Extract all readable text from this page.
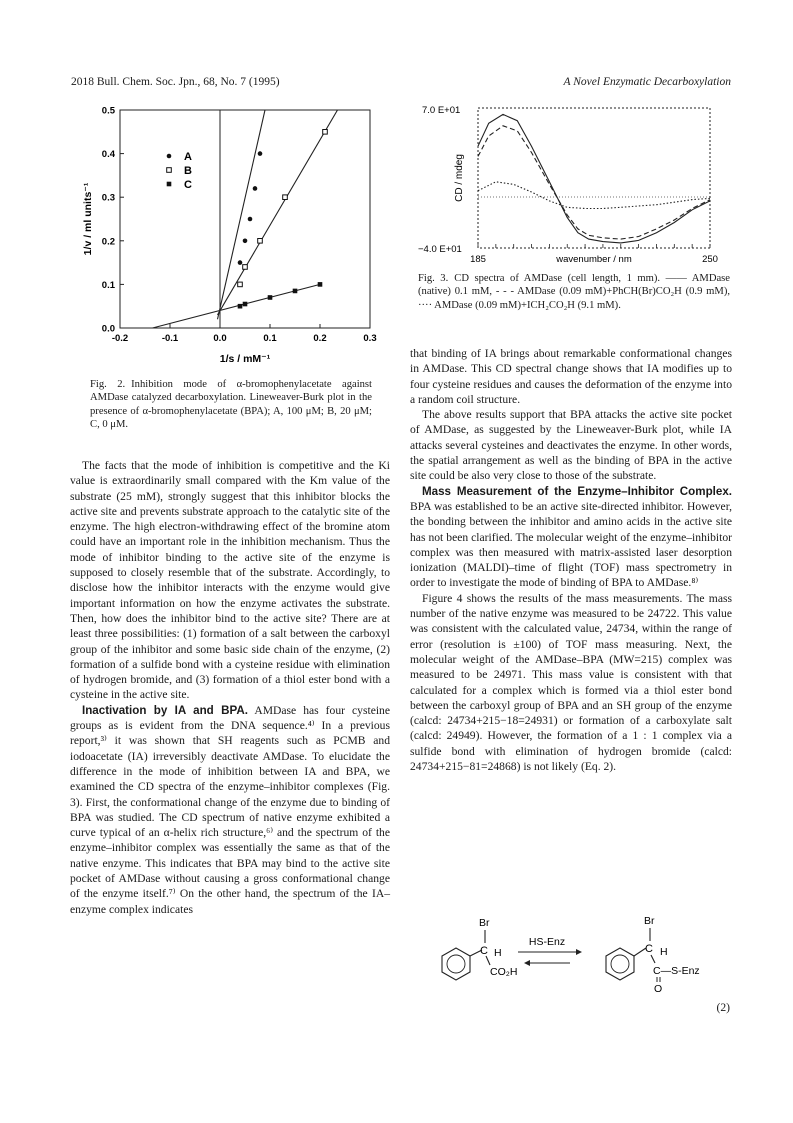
2018 Bull. Chem. Soc. Jpn., 68, No. 7 (1995)	A Novel Enzymatic Decarboxylation
-0.2	-0.1	0.0	0.1	0.2	0.3
0.0
0.1
0.2
0.3
0.4
0.5
A
B
C
1/v / ml units⁻¹
1/s / mM⁻¹
Fig. 2. Inhibition mode of α-bromophenylacetate against AMDase catalyzed decarboxylation. Lineweaver-Burk plot in the presence of α-bromophenylacetate (BPA); A, 100 μM; B, 20 μM; C, 0 μM.
7.0 E+01
−4.0 E+01
CD / mdeg
185	wavenumber / nm	250
Fig. 3. CD spectra of AMDase (cell length, 1 mm). —— AMDase (native) 0.1 mM, - - - AMDase (0.09 mM)+PhCH(Br)CO₂H (0.9 mM), ···· AMDase (0.09 mM)+ICH₂CO₂H (9.1 mM).

The facts that the mode of inhibition is competitive and the Ki value is extraordinarily small compared with the Km value of the substrate (25 mM), strongly suggest that this inhibitor blocks the active site and prevents substrate approach to the catalytic site of the enzyme. The high electron-withdrawing effect of the bromine atom could have an important role in the inhibition mechanism. Thus the mode of inhibitor binding to the active site of the enzyme is supposed to closely resemble that of the substrate. Accordingly, to disclose how the inhibitor interacts with the enzyme would give important information on how the enzyme activates the substrate. Then, how does the inhibitor bind to the active site? There are at least three possibilities: (1) formation of a salt between the carboxyl group of the inhibitor and some basic side chain of the enzyme, (2) formation of a sulfide bond with a cysteine residue with elimination of hydrogen bromide, and (3) formation of a thiol ester bond with a cysteine in the active site.

Inactivation by IA and BPA. AMDase has four cysteine groups as is evident from the DNA sequence.⁴⁾ In a previous report,³⁾ it was shown that SH reagents such as PCMB and iodoacetate (IA) irreversibly deactivate AMDase. To elucidate the difference in the mode of inhibition between IA and BPA, we examined the CD spectra of the enzyme–inhibitor complexes (Fig. 3). First, the conformational change of the enzyme due to binding of BPA was studied. The CD spectrum of native enzyme exhibited a curve typical of an α-helix rich structure,⁶⁾ and the spectrum of the enzyme–inhibitor complex was essentially the same as that of the native enzyme. This indicates that BPA may bind to the active site pocket of AMDase without causing a gross conformational change of the enzyme itself.⁷⁾ On the other hand, the spectrum of the IA–enzyme complex indicates

that binding of IA brings about remarkable conformational changes in AMDase. This CD spectral change shows that IA modifies up to four cysteine residues and causes the deformation of the enzyme into a random coil structure.

The above results support that BPA attacks the active site pocket of AMDase, as suggested by the Lineweaver-Burk plot, while IA attacks several cysteines and deactivates the enzyme. In other words, the spatial arrangement as well as the binding of BPA in the active site could be also very close to those of the substrate.

Mass Measurement of the Enzyme–Inhibitor Complex. BPA was established to be an active site-directed inhibitor. However, the bonding between the inhibitor and amino acids in the active site has not been clarified. The molecular weight of the enzyme–inhibitor complex was then measured with matrix-assisted laser desorption ionization (MALDI)–time of flight (TOF) mass spectrometry in order to investigate the mode of binding of BPA to AMDase.⁸⁾

Figure 4 shows the results of the mass measurements. The mass number of the native enzyme was measured to be 24722. This value was consistent with the calculated value, 24734, within the range of error (resolution is ±100) of TOF mass measuring. Next, the molecular weight of the AMDase–BPA (MW=215) complex was measured to be 24971. This mass value is consistent with that calculated for a complex which is formed via a thiol ester bond between the carboxyl group of BPA and an SH group of the enzyme (calcd: 24734+215−18=24931) or formation of a carboxylate salt (calcd: 24949). However, the formation of a 1 : 1 complex via a sulfide bond with elimination of hydrogen bromide (calcd: 24734+215−81=24868) is not likely (Eq. 2).

C
Br
H
CO₂H
HS-Enz
C
Br
H
C—S-Enz
O
(2)
